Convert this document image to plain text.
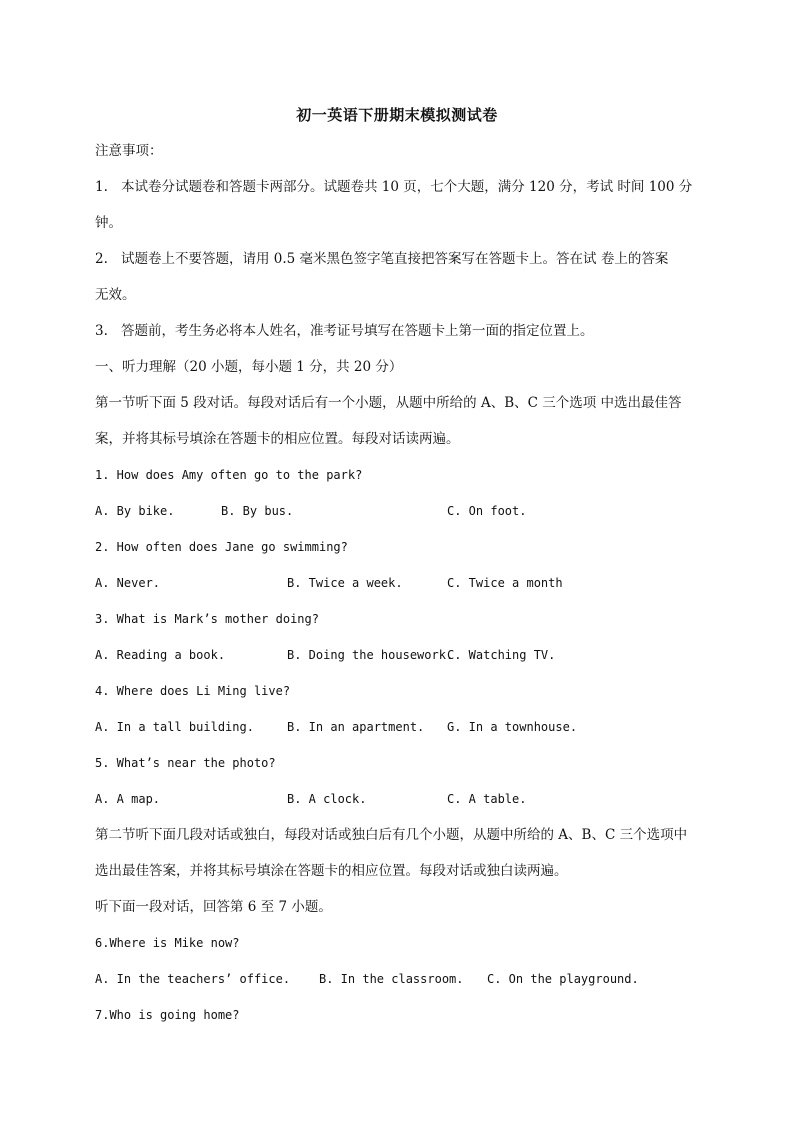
初一英语下册期末模拟测试卷
注意事项：
1. 本试卷分试题卷和答题卡两部分。试题卷共 10 页，七个大题，满分 120 分，考试 时间 100 分
钟。
2. 试题卷上不要答题，请用 0.5 毫米黑色签字笔直接把答案写在答题卡上。答在试 卷上的答案
无效。
3. 答题前，考生务必将本人姓名，准考证号填写在答题卡上第一面的指定位置上。
一、听力理解（20 小题，每小题 1 分，共 20 分）
第一节听下面 5 段对话。每段对话后有一个小题，从题中所给的 A、B、C 三个选项 中选出最佳答
案，并将其标号填涂在答题卡的相应位置。每段对话读两遍。
1. How does Amy often go to the park?
A. By bike.	B. By bus.	C. On foot.
2. How often does Jane go swimming?
A. Never.	B. Twice a week.	C. Twice a month
3. What is Mark’s mother doing?
A. Reading a book.	B. Doing the housework.
C. Watching TV.
4. Where does Li Ming live?
A. In a tall building.	B. In an apartment. G. In a townhouse.
5. What’s near the photo?
A. A map.	B. A clock.	C. A table.
第二节听下面几段对话或独白，每段对话或独白后有几个小题，从题中所给的 A、B、C 三个选项中
选出最佳答案，并将其标号填涂在答题卡的相应位置。每段对话或独白读两遍。
听下面一段对话，回答第 6 至 7 小题。
6.Where is Mike now?
A. In the teachers’ office. B. In the classroom. C. On the playground.
7.Who is going home?
